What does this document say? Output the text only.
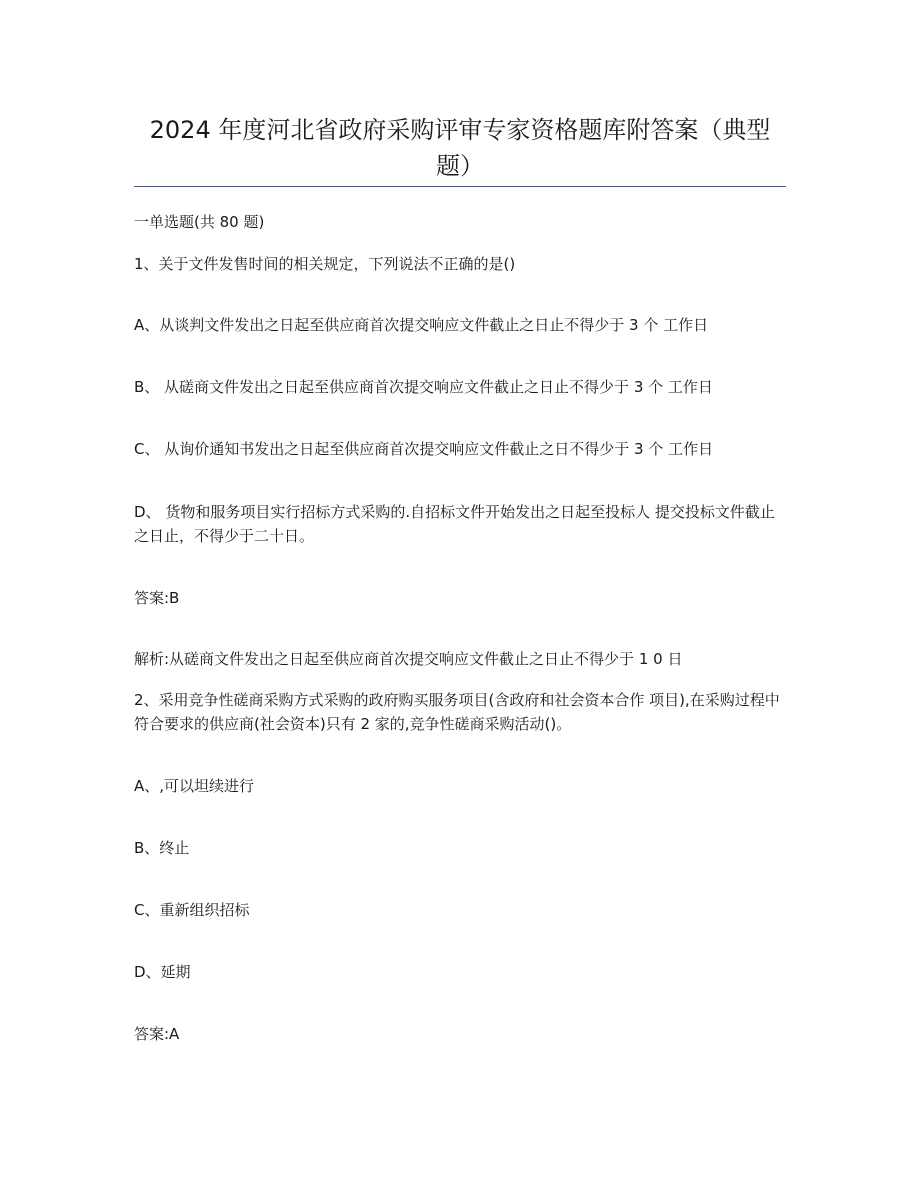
2024 年度河北省政府采购评审专家资格题库附答案（典型题）
一单选题(共 80 题)
1、关于文件发售时间的相关规定，下列说法不正确的是()
A、从谈判文件发出之日起至供应商首次提交响应文件截止之日止不得少于 3 个 工作日
B、 从磋商文件发出之日起至供应商首次提交响应文件截止之日止不得少于 3 个 工作日
C、 从询价通知书发出之日起至供应商首次提交响应文件截止之日不得少于 3 个 工作日
D、 货物和服务项目实行招标方式采购的.自招标文件开始发出之日起至投标人 提交投标文件截止之日止，不得少于二十日。
答案:B
解析:从磋商文件发出之日起至供应商首次提交响应文件截止之日止不得少于 1 0 日
2、采用竞争性磋商采购方式采购的政府购买服务项目(含政府和社会资本合作 项目),在采购过程中符合要求的供应商(社会资本)只有 2 家的,竞争性磋商采购活动()。
A、,可以坦续进行
B、终止
C、重新组织招标
D、延期
答案:A
